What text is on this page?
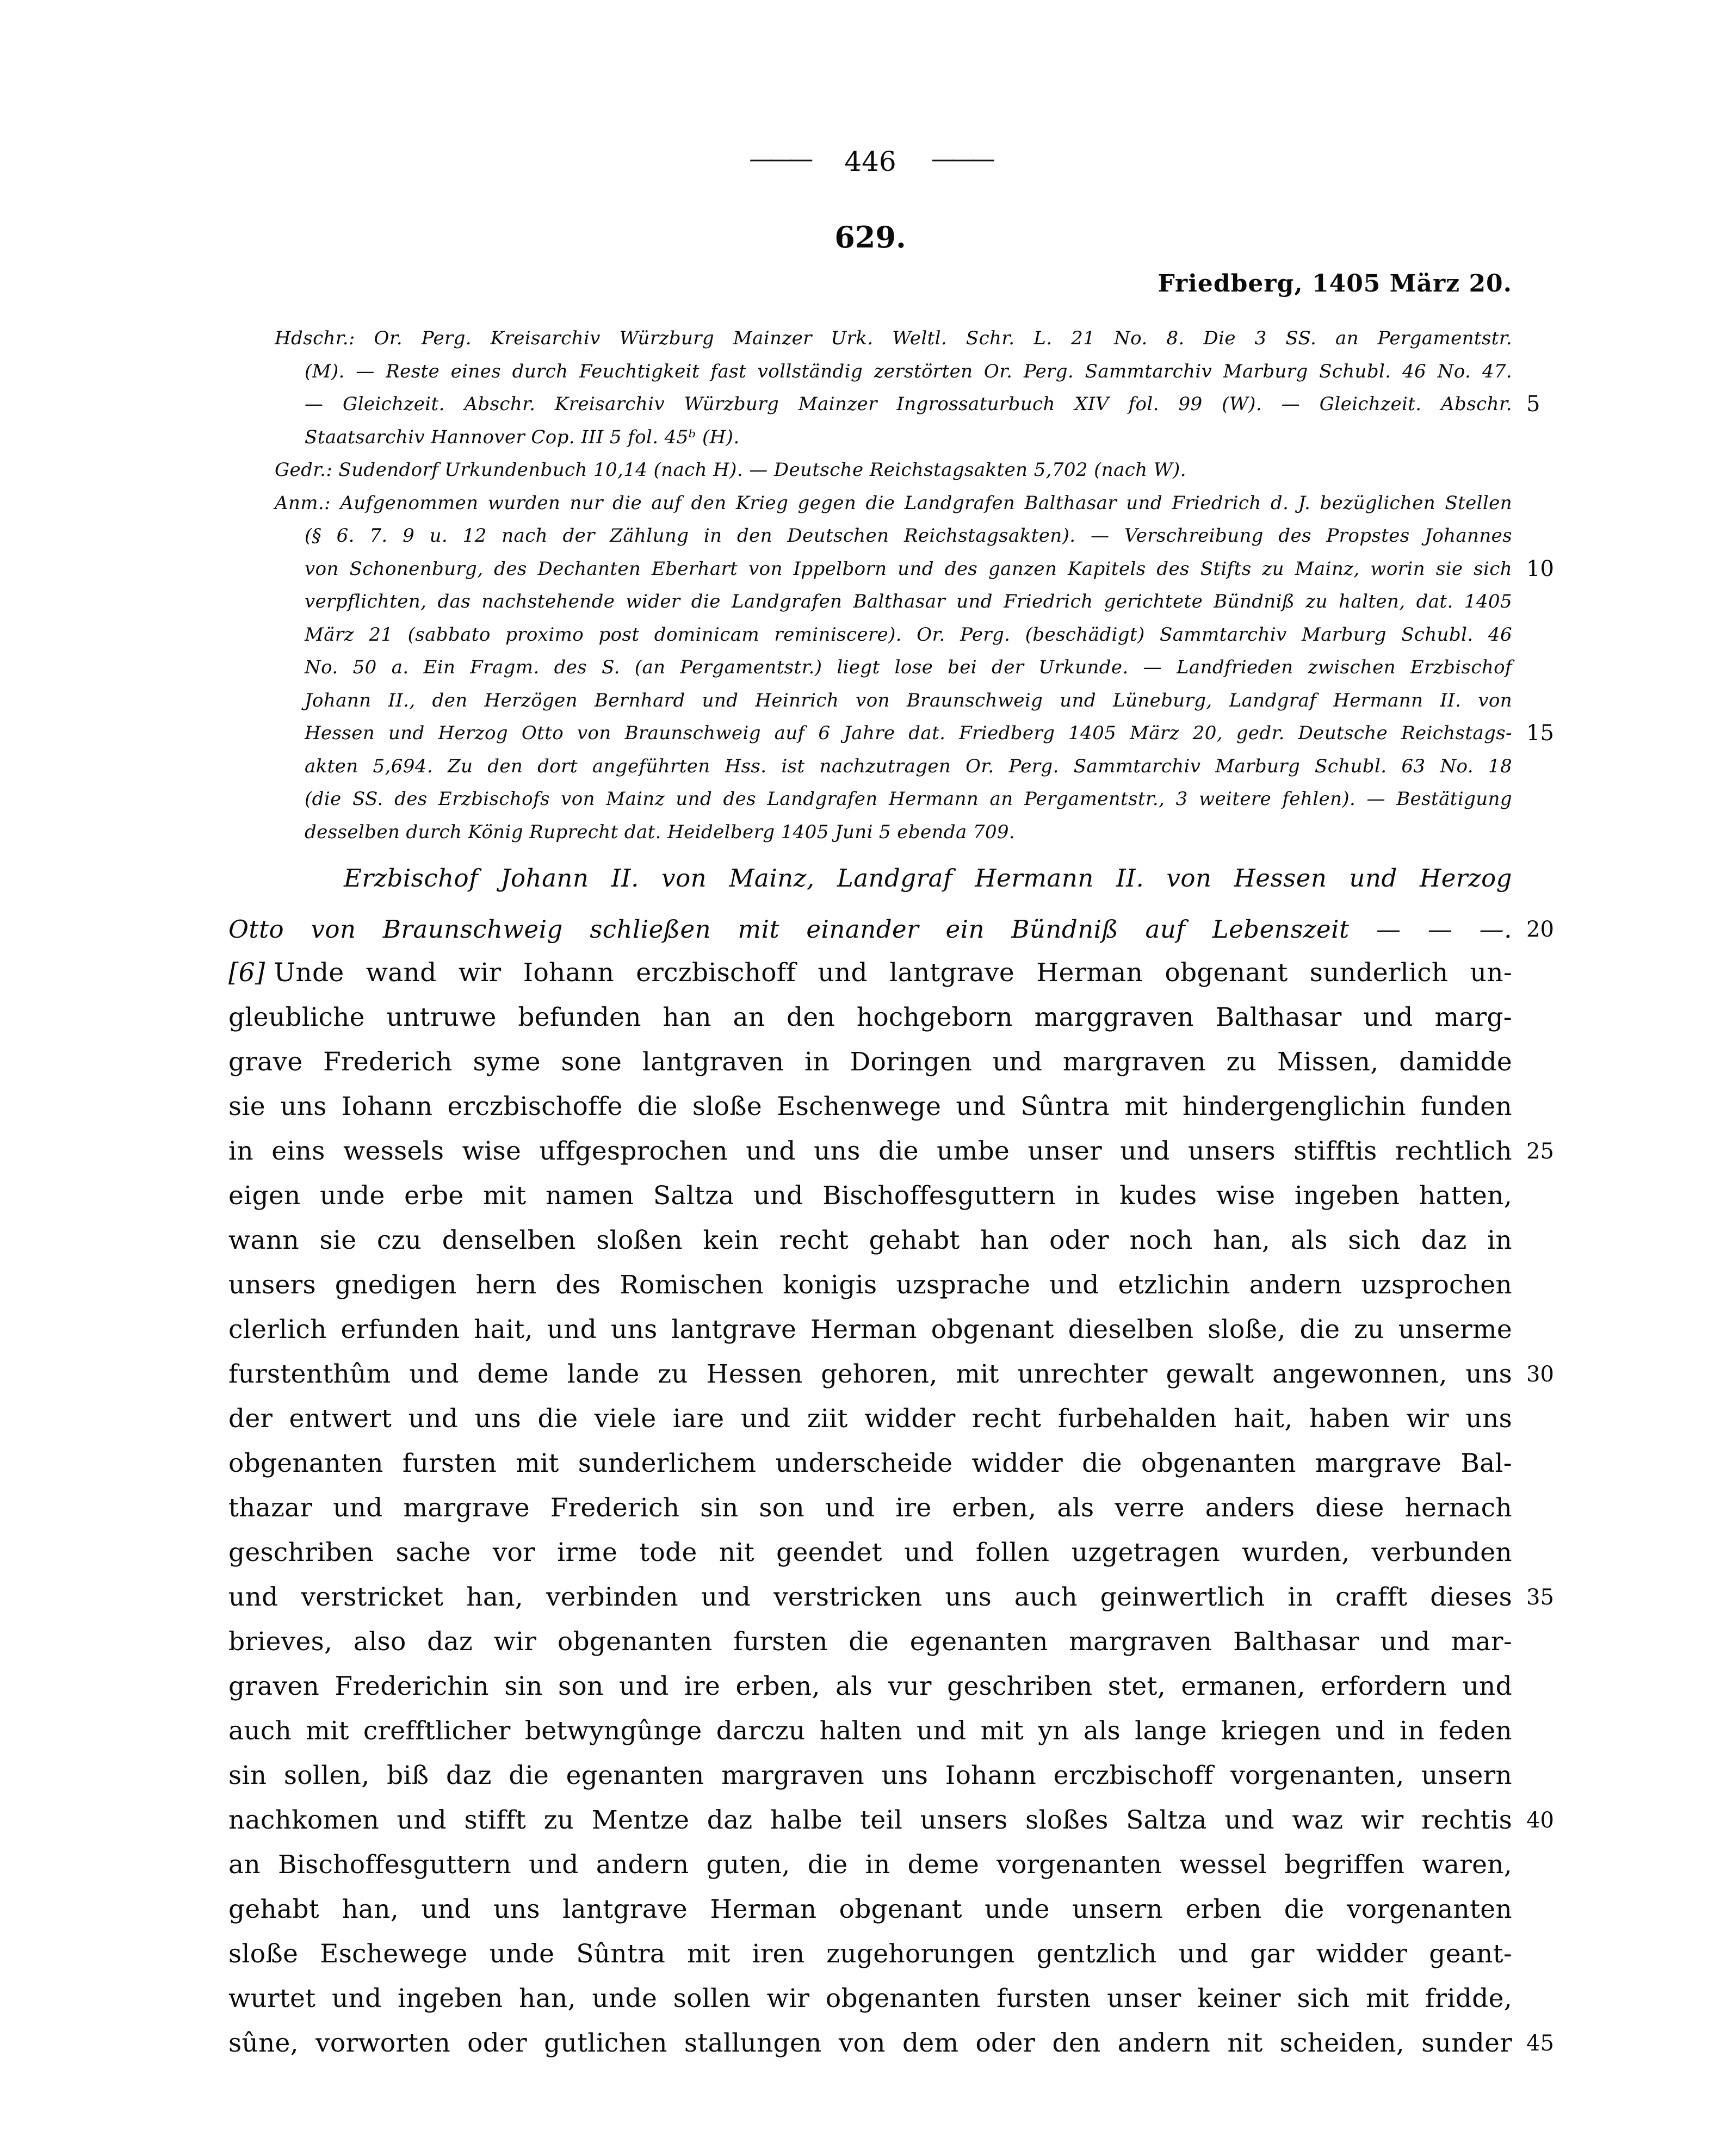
——— 446 ———
629.
Friedberg, 1405 März 20.
Hdschr.: Or. Perg. Kreisarchiv Würzburg Mainzer Urk. Weltl. Schr. L. 21 No. 8. Die 3 SS. an Pergamentstr.
(M). — Reste eines durch Feuchtigkeit fast vollständig zerstörten Or. Perg. Sammtarchiv Marburg Schubl. 46 No. 47.
— Gleichzeit. Abschr. Kreisarchiv Würzburg Mainzer Ingrossaturbuch XIV fol. 99 (W). — Gleichzeit. Abschr. 5
Staatsarchiv Hannover Cop. III 5 fol. 45ᵇ (H).
Gedr.: Sudendorf Urkundenbuch 10,14 (nach H). — Deutsche Reichstagsakten 5,702 (nach W).
Anm.: Aufgenommen wurden nur die auf den Krieg gegen die Landgrafen Balthasar und Friedrich d. J. bezüglichen Stellen
(§ 6. 7. 9 u. 12 nach der Zählung in den Deutschen Reichstagsakten). — Verschreibung des Propstes Johannes
von Schonenburg, des Dechanten Eberhart von Ippelborn und des ganzen Kapitels des Stifts zu Mainz, worin sie sich 10
verpflichten, das nachstehende wider die Landgrafen Balthasar und Friedrich gerichtete Bündniß zu halten, dat. 1405
März 21 (sabbato proximo post dominicam reminiscere). Or. Perg. (beschädigt) Sammtarchiv Marburg Schubl. 46
No. 50 a. Ein Fragm. des S. (an Pergamentstr.) liegt lose bei der Urkunde. — Landfrieden zwischen Erzbischof
Johann II., den Herzögen Bernhard und Heinrich von Braunschweig und Lüneburg, Landgraf Hermann II. von
Hessen und Herzog Otto von Braunschweig auf 6 Jahre dat. Friedberg 1405 März 20, gedr. Deutsche Reichstags- 15
akten 5,694. Zu den dort angeführten Hss. ist nachzutragen Or. Perg. Sammtarchiv Marburg Schubl. 63 No. 18
(die SS. des Erzbischofs von Mainz und des Landgrafen Hermann an Pergamentstr., 3 weitere fehlen). — Bestätigung
desselben durch König Ruprecht dat. Heidelberg 1405 Juni 5 ebenda 709.
Erzbischof Johann II. von Mainz, Landgraf Hermann II. von Hessen und Herzog
Otto von Braunschweig schließen mit einander ein Bündniß auf Lebenszeit — — —. 20
[6] Unde wand wir Iohann erczbischoff und lantgrave Herman obgenant sunderlich un-
gleubliche untruwe befunden han an den hochgeborn marggraven Balthasar und marg-
grave Frederich syme sone lantgraven in Doringen und margraven zu Missen, damidde
sie uns Iohann erczbischoffe die sloße Eschenwege und Sûntra mit hindergenglichin funden
in eins wessels wise uffgesprochen und uns die umbe unser und unsers stifftis rechtlich 25
eigen unde erbe mit namen Saltza und Bischoffesguttern in kudes wise ingeben hatten,
wann sie czu denselben sloßen kein recht gehabt han oder noch han, als sich daz in
unsers gnedigen hern des Romischen konigis uzsprache und etzlichin andern uzsprochen
clerlich erfunden hait, und uns lantgrave Herman obgenant dieselben sloße, die zu unserme
furstenthûm und deme lande zu Hessen gehoren, mit unrechter gewalt angewonnen, uns 30
der entwert und uns die viele iare und ziit widder recht furbehalden hait, haben wir uns
obgenanten fursten mit sunderlichem underscheide widder die obgenanten margrave Bal-
thazar und margrave Frederich sin son und ire erben, als verre anders diese hernach
geschriben sache vor irme tode nit geendet und follen uzgetragen wurden, verbunden
und verstricket han, verbinden und verstricken uns auch geinwertlich in crafft dieses 35
brieves, also daz wir obgenanten fursten die egenanten margraven Balthasar und mar-
graven Frederichin sin son und ire erben, als vur geschriben stet, ermanen, erfordern und
auch mit crefftlicher betwyngûnge darczu halten und mit yn als lange kriegen und in feden
sin sollen, biß daz die egenanten margraven uns Iohann erczbischoff vorgenanten, unsern
nachkomen und stifft zu Mentze daz halbe teil unsers sloßes Saltza und waz wir rechtis 40
an Bischoffesguttern und andern guten, die in deme vorgenanten wessel begriffen waren,
gehabt han, und uns lantgrave Herman obgenant unde unsern erben die vorgenanten
sloße Eschewege unde Sûntra mit iren zugehorungen gentzlich und gar widder geant-
wurtet und ingeben han, unde sollen wir obgenanten fursten unser keiner sich mit fridde,
sûne, vorworten oder gutlichen stallungen von dem oder den andern nit scheiden, sunder 45
